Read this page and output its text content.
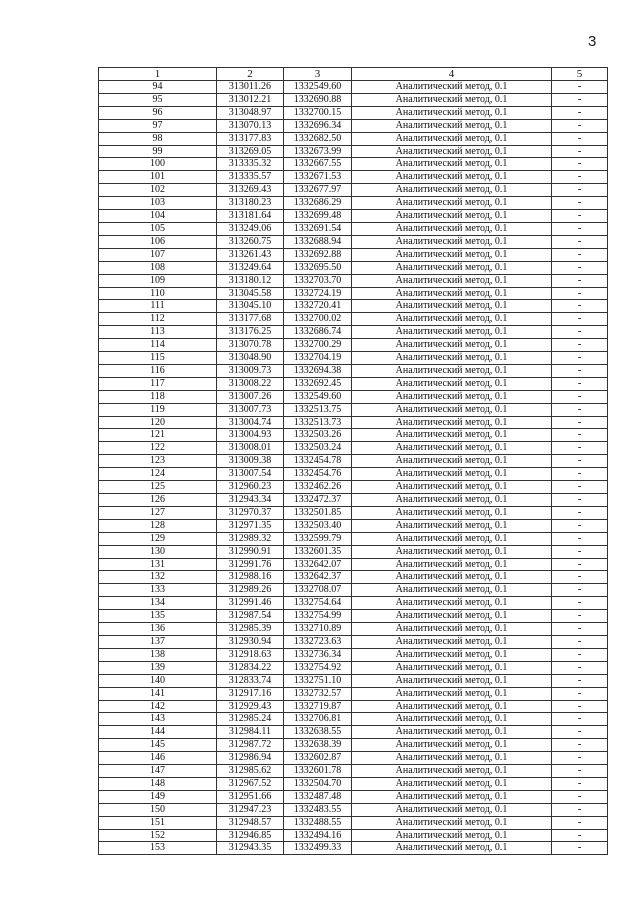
3
1	2	3	4	5
94	313011.26	1332549.60	Аналитический метод, 0.1	-
95	313012.21	1332690.88	Аналитический метод, 0.1	-
96	313048.97	1332700.15	Аналитический метод, 0.1	-
97	313070.13	1332696.34	Аналитический метод, 0.1	-
98	313177.83	1332682.50	Аналитический метод, 0.1	-
99	313269.05	1332673.99	Аналитический метод, 0.1	-
100	313335.32	1332667.55	Аналитический метод, 0.1	-
101	313335.57	1332671.53	Аналитический метод, 0.1	-
102	313269.43	1332677.97	Аналитический метод, 0.1	-
103	313180.23	1332686.29	Аналитический метод, 0.1	-
104	313181.64	1332699.48	Аналитический метод, 0.1	-
105	313249.06	1332691.54	Аналитический метод, 0.1	-
106	313260.75	1332688.94	Аналитический метод, 0.1	-
107	313261.43	1332692.88	Аналитический метод, 0.1	-
108	313249.64	1332695.50	Аналитический метод, 0.1	-
109	313180.12	1332703.70	Аналитический метод, 0.1	-
110	313045.58	1332724.19	Аналитический метод, 0.1	-
111	313045.10	1332720.41	Аналитический метод, 0.1	-
112	313177.68	1332700.02	Аналитический метод, 0.1	-
113	313176.25	1332686.74	Аналитический метод, 0.1	-
114	313070.78	1332700.29	Аналитический метод, 0.1	-
115	313048.90	1332704.19	Аналитический метод, 0.1	-
116	313009.73	1332694.38	Аналитический метод, 0.1	-
117	313008.22	1332692.45	Аналитический метод, 0.1	-
118	313007.26	1332549.60	Аналитический метод, 0.1	-
119	313007.73	1332513.75	Аналитический метод, 0.1	-
120	313004.74	1332513.73	Аналитический метод, 0.1	-
121	313004.93	1332503.26	Аналитический метод, 0.1	-
122	313008.01	1332503.24	Аналитический метод, 0.1	-
123	313009.38	1332454.78	Аналитический метод, 0.1	-
124	313007.54	1332454.76	Аналитический метод, 0.1	-
125	312960.23	1332462.26	Аналитический метод, 0.1	-
126	312943.34	1332472.37	Аналитический метод, 0.1	-
127	312970.37	1332501.85	Аналитический метод, 0.1	-
128	312971.35	1332503.40	Аналитический метод, 0.1	-
129	312989.32	1332599.79	Аналитический метод, 0.1	-
130	312990.91	1332601.35	Аналитический метод, 0.1	-
131	312991.76	1332642.07	Аналитический метод, 0.1	-
132	312988.16	1332642.37	Аналитический метод, 0.1	-
133	312989.26	1332708.07	Аналитический метод, 0.1	-
134	312991.46	1332754.64	Аналитический метод, 0.1	-
135	312987.54	1332754.99	Аналитический метод, 0.1	-
136	312985.39	1332710.89	Аналитический метод, 0.1	-
137	312930.94	1332723.63	Аналитический метод, 0.1	-
138	312918.63	1332736.34	Аналитический метод, 0.1	-
139	312834.22	1332754.92	Аналитический метод, 0.1	-
140	312833.74	1332751.10	Аналитический метод, 0.1	-
141	312917.16	1332732.57	Аналитический метод, 0.1	-
142	312929.43	1332719.87	Аналитический метод, 0.1	-
143	312985.24	1332706.81	Аналитический метод, 0.1	-
144	312984.11	1332638.55	Аналитический метод, 0.1	-
145	312987.72	1332638.39	Аналитический метод, 0.1	-
146	312986.94	1332602.87	Аналитический метод, 0.1	-
147	312985.62	1332601.78	Аналитический метод, 0.1	-
148	312967.52	1332504.70	Аналитический метод, 0.1	-
149	312951.66	1332487.48	Аналитический метод, 0.1	-
150	312947.23	1332483.55	Аналитический метод, 0.1	-
151	312948.57	1332488.55	Аналитический метод, 0.1	-
152	312946.85	1332494.16	Аналитический метод, 0.1	-
153	312943.35	1332499.33	Аналитический метод, 0.1	-
